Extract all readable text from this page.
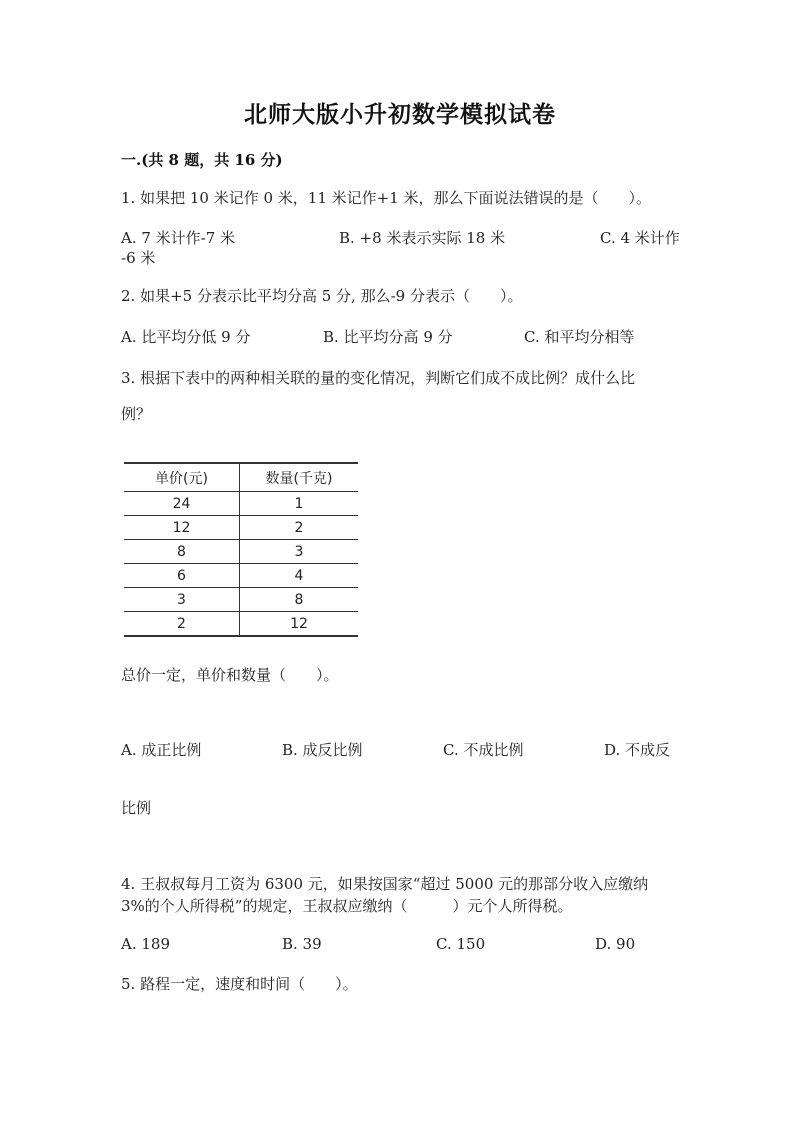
北师大版小升初数学模拟试卷
一.(共 8 题，共 16 分)
1. 如果把 10 米记作 0 米，11 米记作+1 米，那么下面说法错误的是（　　）。
A. 7 米计作-7 米	B. +8 米表示实际 18 米	C. 4 米计作
-6 米
2. 如果+5 分表示比平均分高 5 分, 那么-9 分表示（　　）。
A. 比平均分低 9 分	B. 比平均分高 9 分	C. 和平均分相等
3. 根据下表中的两种相关联的量的变化情况，判断它们成不成比例？成什么比
例？
单价(元)	数量(千克)
24	1
12	2
8	3
6	4
3	8
2	12
总价一定，单价和数量（　　）。
A. 成正比例	B. 成反比例	C. 不成比例	D. 不成反
比例
4. 王叔叔每月工资为 6300 元，如果按国家“超过 5000 元的那部分收入应缴纳
3%的个人所得税”的规定，王叔叔应缴纳（　　　）元个人所得税。
A. 189	B. 39	C. 150	D. 90
5. 路程一定，速度和时间（　　）。
